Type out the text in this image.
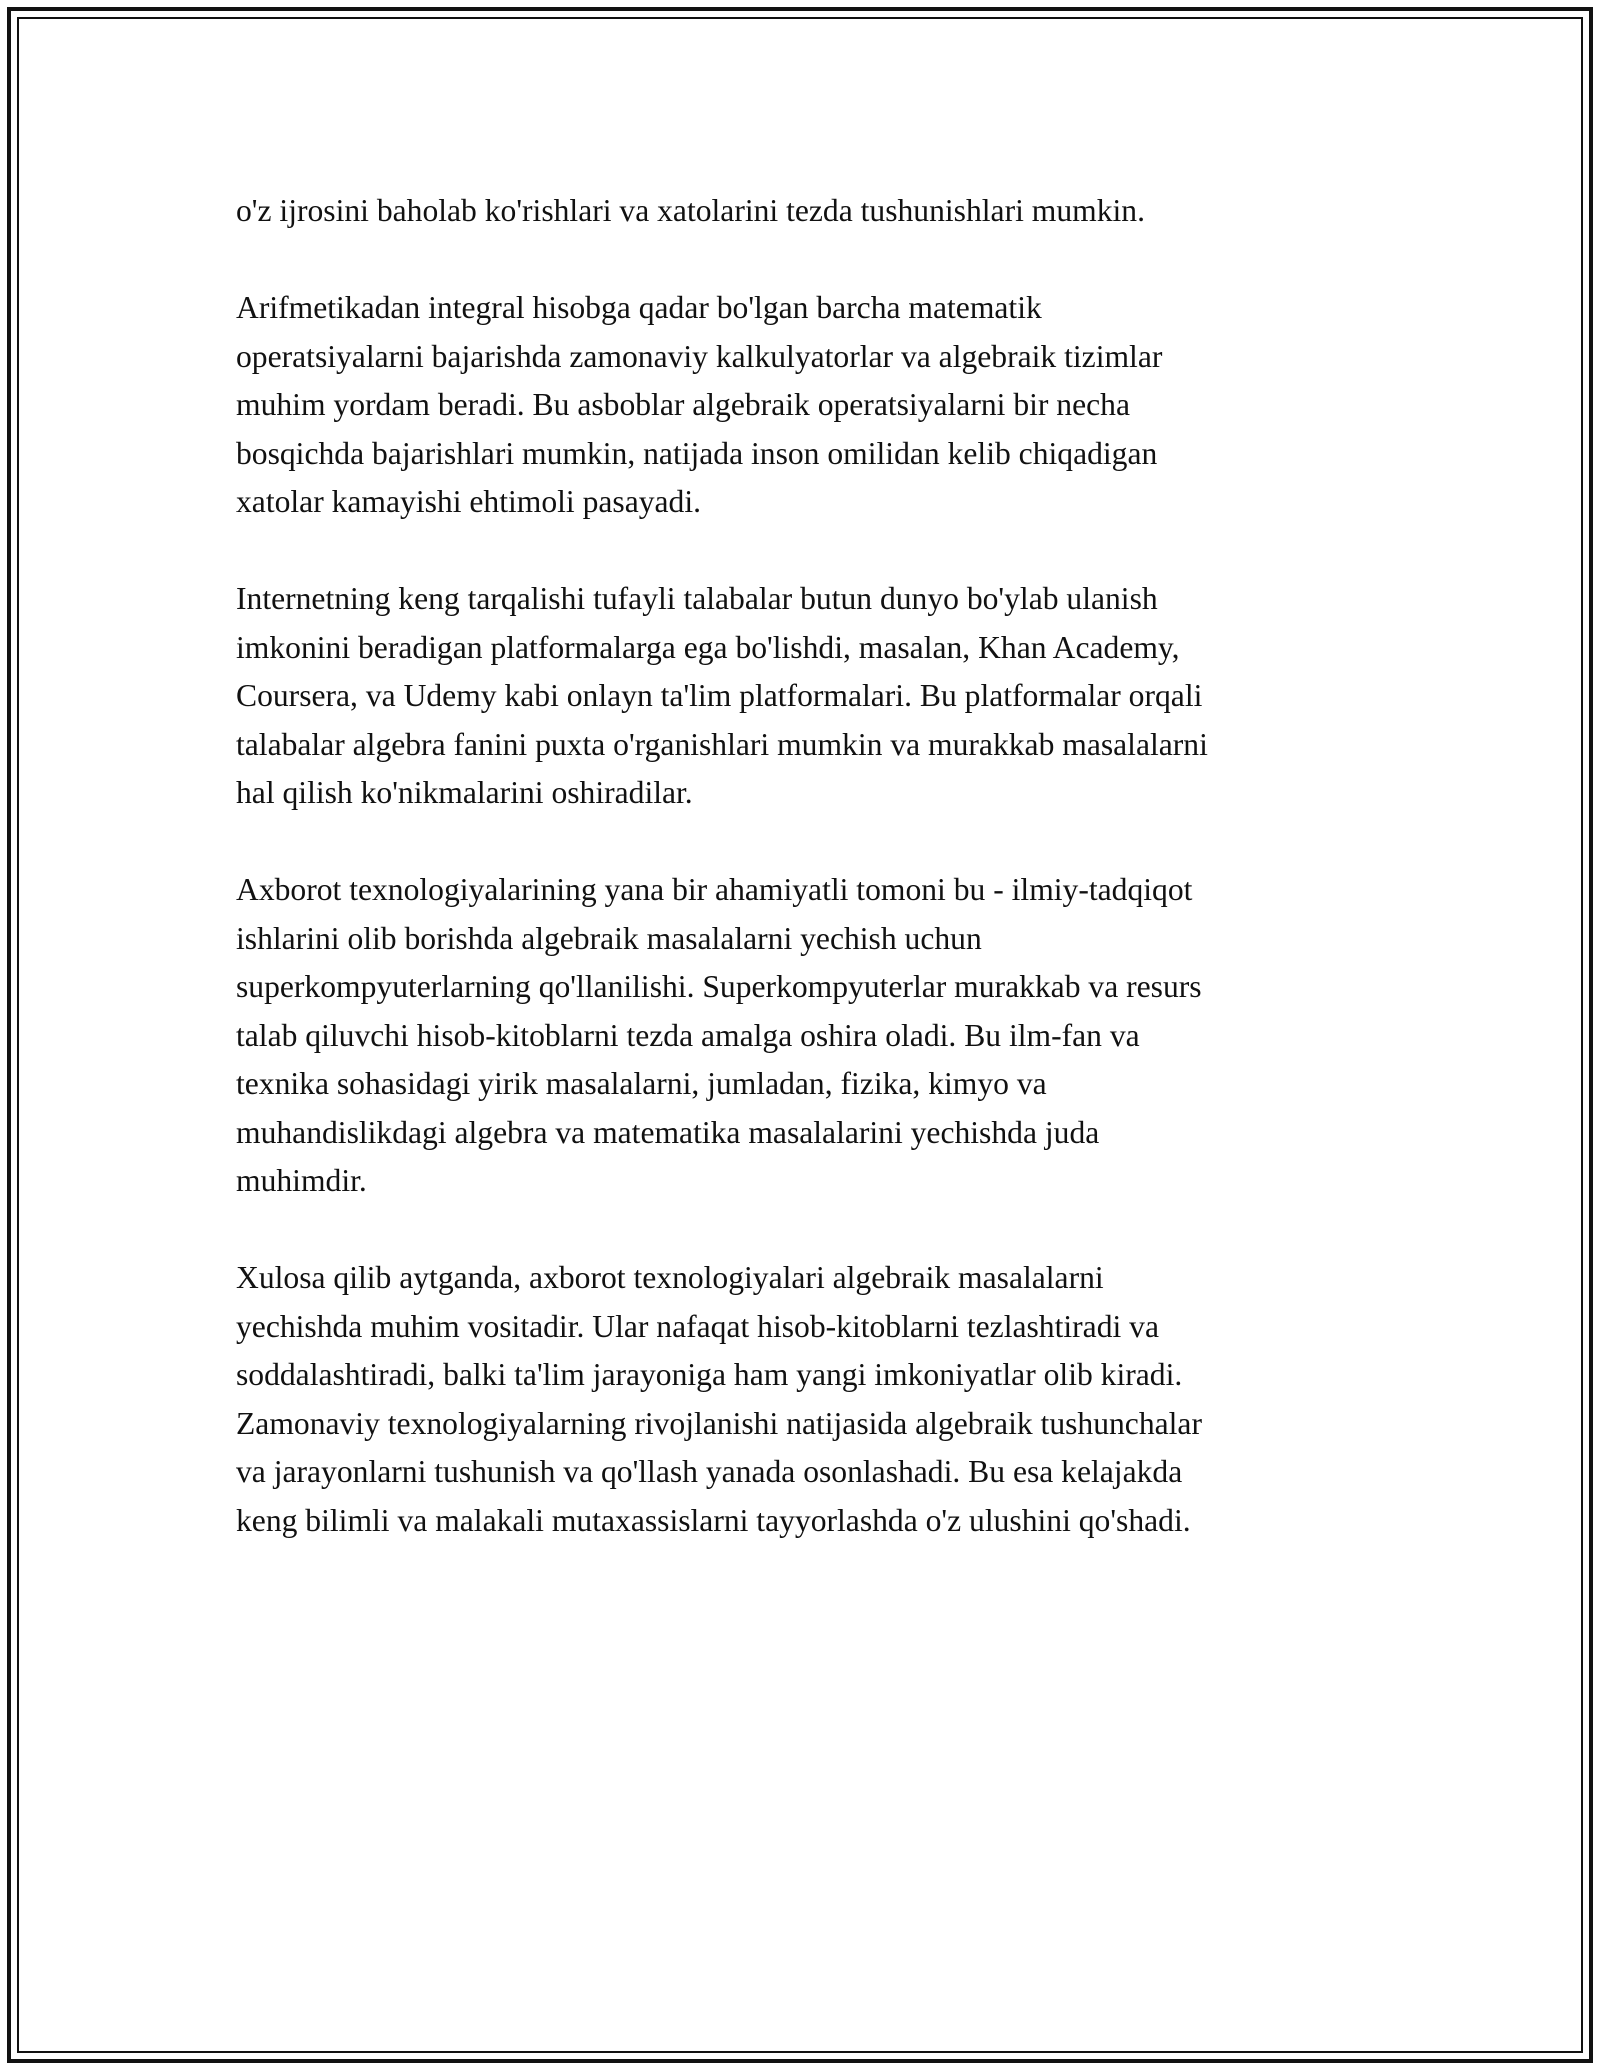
o'z ijrosini baholab ko'rishlari va xatolarini tezda tushunishlari mumkin.

Arifmetikadan integral hisobga qadar bo'lgan barcha matematik
operatsiyalarni bajarishda zamonaviy kalkulyatorlar va algebraik tizimlar
muhim yordam beradi. Bu asboblar algebraik operatsiyalarni bir necha
bosqichda bajarishlari mumkin, natijada inson omilidan kelib chiqadigan
xatolar kamayishi ehtimoli pasayadi.

Internetning keng tarqalishi tufayli talabalar butun dunyo bo'ylab ulanish
imkonini beradigan platformalarga ega bo'lishdi, masalan, Khan Academy,
Coursera, va Udemy kabi onlayn ta'lim platformalari. Bu platformalar orqali
talabalar algebra fanini puxta o'rganishlari mumkin va murakkab masalalarni
hal qilish ko'nikmalarini oshiradilar.

Axborot texnologiyalarining yana bir ahamiyatli tomoni bu - ilmiy-tadqiqot
ishlarini olib borishda algebraik masalalarni yechish uchun
superkompyuterlarning qo'llanilishi. Superkompyuterlar murakkab va resurs
talab qiluvchi hisob-kitoblarni tezda amalga oshira oladi. Bu ilm-fan va
texnika sohasidagi yirik masalalarni, jumladan, fizika, kimyo va
muhandislikdagi algebra va matematika masalalarini yechishda juda
muhimdir.

Xulosa qilib aytganda, axborot texnologiyalari algebraik masalalarni
yechishda muhim vositadir. Ular nafaqat hisob-kitoblarni tezlashtiradi va
soddalashtiradi, balki ta'lim jarayoniga ham yangi imkoniyatlar olib kiradi.
Zamonaviy texnologiyalarning rivojlanishi natijasida algebraik tushunchalar
va jarayonlarni tushunish va qo'llash yanada osonlashadi. Bu esa kelajakda
keng bilimli va malakali mutaxassislarni tayyorlashda o'z ulushini qo'shadi.
